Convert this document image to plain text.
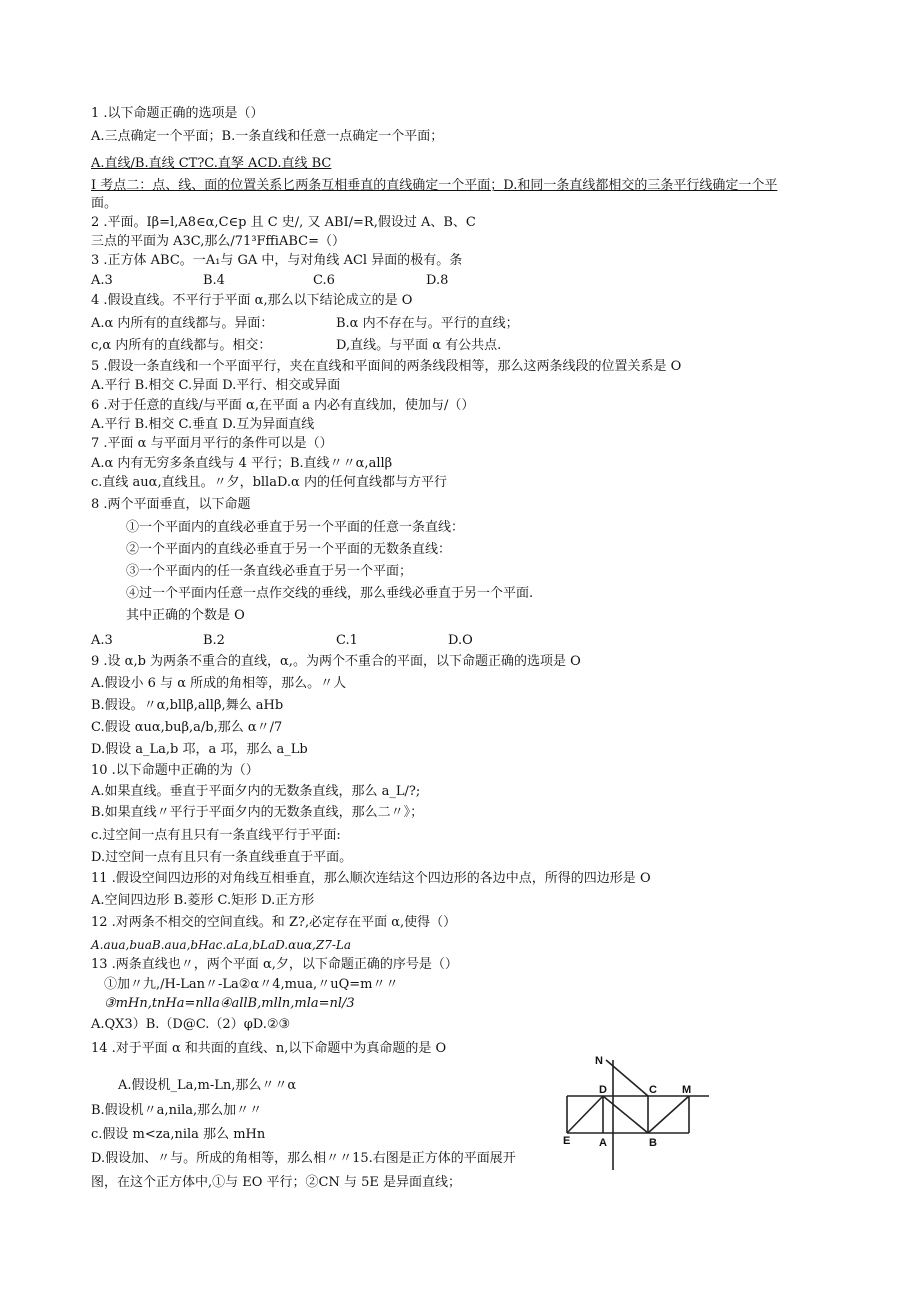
1 .以下命题正确的选项是（）
A.三点确定一个平面；B.一条直线和任意一点确定一个平面；
A.直线/B.直线 CT?C.直孥 ACD.直线 BC
I 考点二：点、线、面的位置关系匕两条互相垂直的直线确定一个平面；D.和同一条直线都相交的三条平行线确定一个平
面。
2 .平面。Iβ=l,A8∈α,C∈p 且 C 史/, 又 ABI/=R,假设过 A、B、C
三点的平面为 A3C,那么/71³FffiABC=（）
3 .正方体 ABC。一A₁与 GA 中，与对角线 ACl 异面的极有。条
A.3	B.4	C.6	D.8
4 .假设直线。不平行于平面 α,那么以下结论成立的是 O
A.α 内所有的直线都与。异面：	B.α 内不存在与。平行的直线；
c,α 内所有的直线都与。相交：	D,直线。与平面 α 有公共点.
5 .假设一条直线和一个平面平行，夹在直线和平面间的两条线段相等，那么这两条线段的位置关系是 O
A.平行 B.相交 C.异面 D.平行、相交或异面
6 .对于任意的直线/与平面 α,在平面 a 内必有直线加，使加与/（）
A.平行 B.相交 C.垂直 D.互为异面直线
7 .平面 α 与平面月平行的条件可以是（）
A.α 内有无穷多条直线与 4 平行；B.直线〃〃α,allβ
c.直线 auα,直线且。〃夕，bllaD.α 内的任何直线都与方平行
8 .两个平面垂直，以下命题
①一个平面内的直线必垂直于另一个平面的任意一条直线：
②一个平面内的直线必垂直于另一个平面的无数条直线：
③一个平面内的任一条直线必垂直于另一个平面；
④过一个平面内任意一点作交线的垂线，那么垂线必垂直于另一个平面.
其中正确的个数是 O
A.3	B.2	C.1	D.O
9 .设 α,b 为两条不重合的直线，α,。为两个不重合的平面，以下命题正确的选项是 O
A.假设小 6 与 α 所成的角相等，那么。〃人
B.假设。〃α,bllβ,allβ,舞么 aHb
C.假设 αuα,buβ,a/b,那么 α〃/7
D.假设 a_La,b 邛，a 邛，那么 a_Lb
10 .以下命题中正确的为（）
A.如果直线。垂直于平面夕内的无数条直线，那么 a_L/?;
B.如果直线〃平行于平面夕内的无数条直线，那么二〃》；
c.过空间一点有且只有一条直线平行于平面:
D.过空间一点有且只有一条直线垂直于平面。
11 .假设空间四边形的对角线互相垂直，那么顺次连结这个四边形的各边中点，所得的四边形是 O
A.空间四边形 B.菱形 C.矩形 D.正方形
12 .对两条不相交的空间直线。和 Z?,必定存在平面 α,使得（）
A.aua,buaB.aua,bHac.aLa,bLaD.αuα,Z7-La
13 .两条直线也〃，两个平面 α,夕，以下命题正确的序号是（）
①加〃九,/H-Lan〃-La②α〃4,mua,〃uQ=m〃〃
③mHn,tnHa=nlla④allB,mlln,mla=nl/3
A.QX3）B.（D@C.（2）φD.②③
14 .对于平面 α 和共面的直线、n,以下命题中为真命题的是 O
A.假设机_La,m-Ln,那么〃〃α
B.假设机〃a,nila,那么加〃〃
c.假设 m<za,nila 那么 mHn
D.假设加、〃与。所成的角相等，那么相〃〃15.右图是正方体的平面展开
图，在这个正方体中,①与 EO 平行；②CN 与 5E 是异面直线；
N
D	C M
E	A	B
